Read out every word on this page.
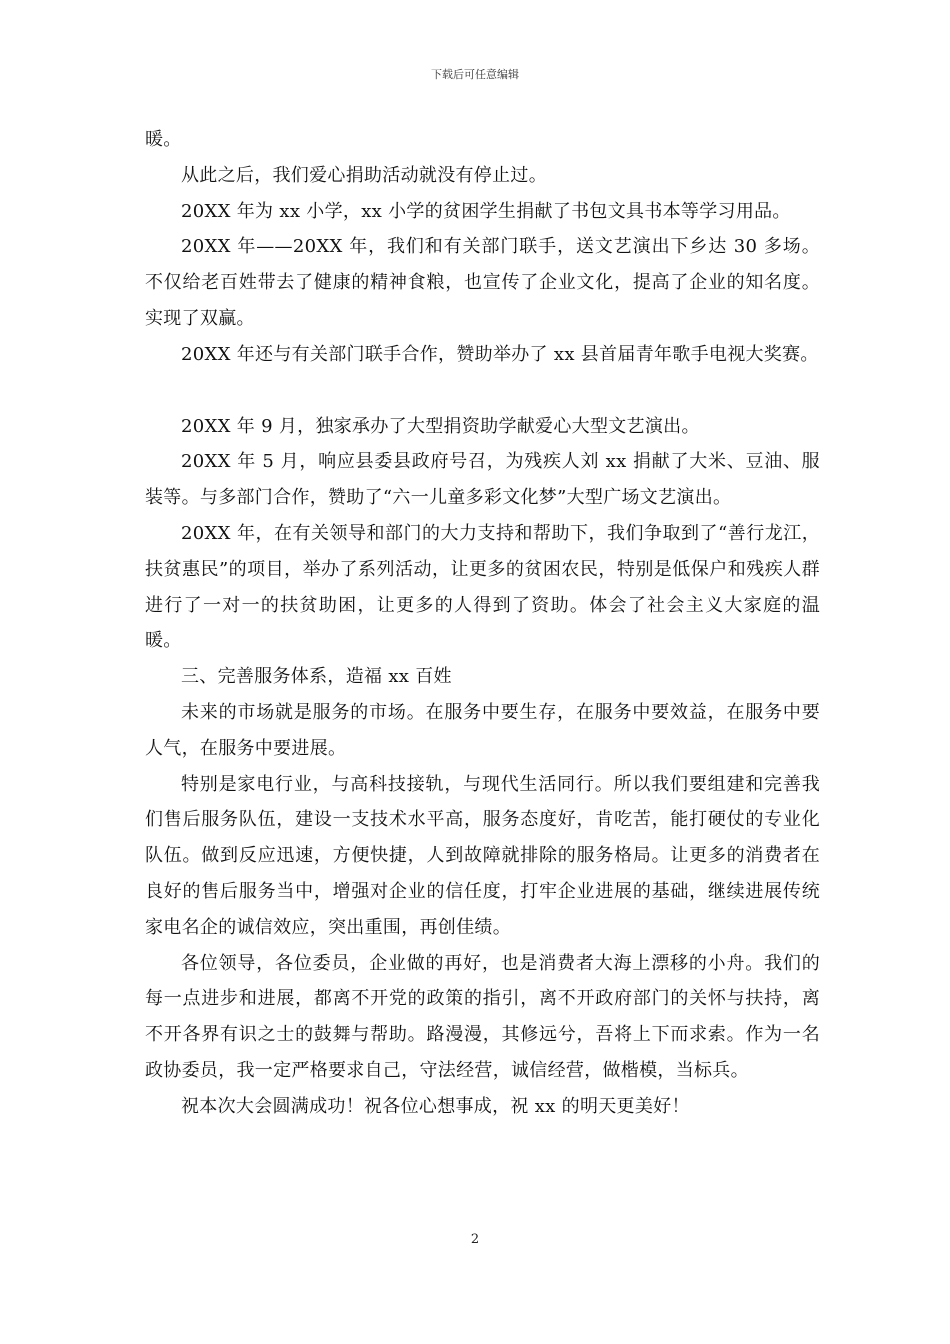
下载后可任意编辑

暖。

从此之后，我们爱心捐助活动就没有停止过。

20XX 年为 xx 小学，xx 小学的贫困学生捐献了书包文具书本等学习用品。

20XX 年——20XX 年，我们和有关部门联手，送文艺演出下乡达 30 多场。不仅给老百姓带去了健康的精神食粮，也宣传了企业文化，提高了企业的知名度。实现了双赢。

20XX 年还与有关部门联手合作，赞助举办了 xx 县首届青年歌手电视大奖赛。

20XX 年 9 月，独家承办了大型捐资助学献爱心大型文艺演出。

20XX 年 5 月，响应县委县政府号召，为残疾人刘 xx 捐献了大米、豆油、服装等。与多部门合作，赞助了“六一儿童多彩文化梦”大型广场文艺演出。

20XX 年，在有关领导和部门的大力支持和帮助下，我们争取到了“善行龙江，扶贫惠民”的项目，举办了系列活动，让更多的贫困农民，特别是低保户和残疾人群进行了一对一的扶贫助困，让更多的人得到了资助。体会了社会主义大家庭的温暖。

三、完善服务体系，造福 xx 百姓

未来的市场就是服务的市场。在服务中要生存，在服务中要效益，在服务中要人气，在服务中要进展。

特别是家电行业，与高科技接轨，与现代生活同行。所以我们要组建和完善我们售后服务队伍，建设一支技术水平高，服务态度好，肯吃苦，能打硬仗的专业化队伍。做到反应迅速，方便快捷，人到故障就排除的服务格局。让更多的消费者在良好的售后服务当中，增强对企业的信任度，打牢企业进展的基础，继续进展传统家电名企的诚信效应，突出重围，再创佳绩。

各位领导，各位委员，企业做的再好，也是消费者大海上漂移的小舟。我们的每一点进步和进展，都离不开党的政策的指引，离不开政府部门的关怀与扶持，离不开各界有识之士的鼓舞与帮助。路漫漫，其修远兮，吾将上下而求索。作为一名政协委员，我一定严格要求自己，守法经营，诚信经营，做楷模，当标兵。

祝本次大会圆满成功！祝各位心想事成，祝 xx 的明天更美好！

2
